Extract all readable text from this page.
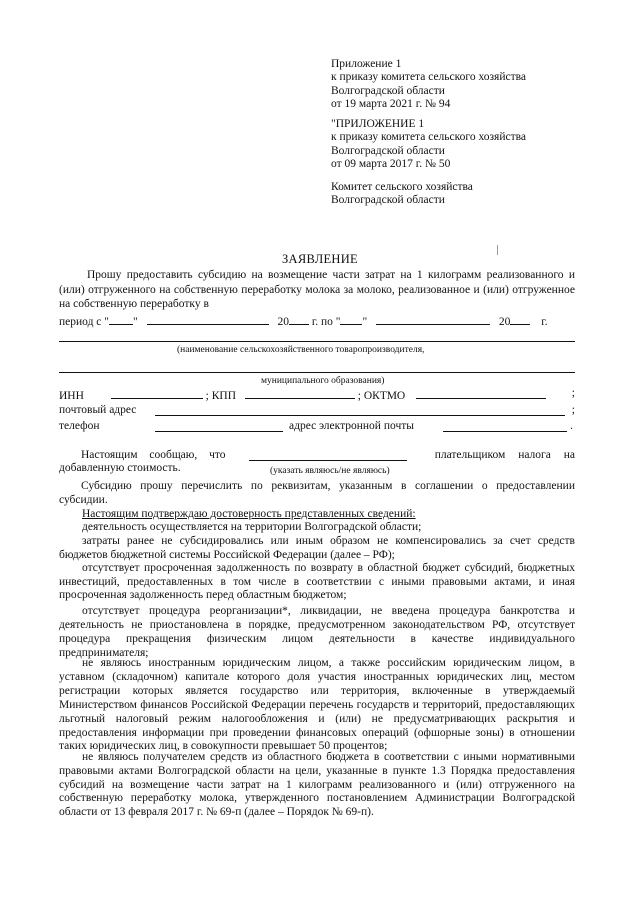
Приложение 1
к приказу комитета сельского хозяйства
Волгоградской области
от 19 марта 2021 г. № 94
"ПРИЛОЖЕНИЕ 1
к приказу комитета сельского хозяйства
Волгоградской области
от 09 марта 2017 г. № 50
Комитет сельского хозяйства
Волгоградской области
ЗАЯВЛЕНИЕ
Прошу предоставить субсидию на возмещение части затрат на 1 килограмм реализованного и (или) отгруженного на собственную переработку молока за молоко, реализованное и (или) отгруженное на собственную переработку в
период с " "	20 г. по " "	20	г.
(наименование сельскохозяйственного товаропроизводителя,
муниципального образования)
ИНН	; КПП	; ОКТМО	;
почтовый адрес	;
телефон	адрес электронной почты	.
Настоящим сообщаю, что	плательщиком налога на
добавленную стоимость.	(указать являюсь/не являюсь)
Субсидию прошу перечислить по реквизитам, указанным в соглашении о предоставлении субсидии.
Настоящим подтверждаю достоверность представленных сведений:
деятельность осуществляется на территории Волгоградской области;
затраты ранее не субсидировались или иным образом не компенсировались за счет средств бюджетов бюджетной системы Российской Федерации (далее – РФ);
отсутствует просроченная задолженность по возврату в областной бюджет субсидий, бюджетных инвестиций, предоставленных в том числе в соответствии с иными правовыми актами, и иная просроченная задолженность перед областным бюджетом;
отсутствует процедура реорганизации*, ликвидации, не введена процедура банкротства и деятельность не приостановлена в порядке, предусмотренном законодательством РФ, отсутствует процедура прекращения физическим лицом деятельности в качестве индивидуального предпринимателя;
не являюсь иностранным юридическим лицом, а также российским юридическим лицом, в уставном (складочном) капитале которого доля участия иностранных юридических лиц, местом регистрации которых является государство или территория, включенные в утверждаемый Министерством финансов Российской Федерации перечень государств и территорий, предоставляющих льготный налоговый режим налогообложения и (или) не предусматривающих раскрытия и предоставления информации при проведении финансовых операций (офшорные зоны) в отношении таких юридических лиц, в совокупности превышает 50 процентов;
не являюсь получателем средств из областного бюджета в соответствии с иными нормативными правовыми актами Волгоградской области на цели, указанные в пункте 1.3 Порядка предоставления субсидий на возмещение части затрат на 1 килограмм реализованного и (или) отгруженного на собственную переработку молока, утвержденного постановлением Администрации Волгоградской области от 13 февраля 2017 г. № 69-п (далее – Порядок № 69-п).
